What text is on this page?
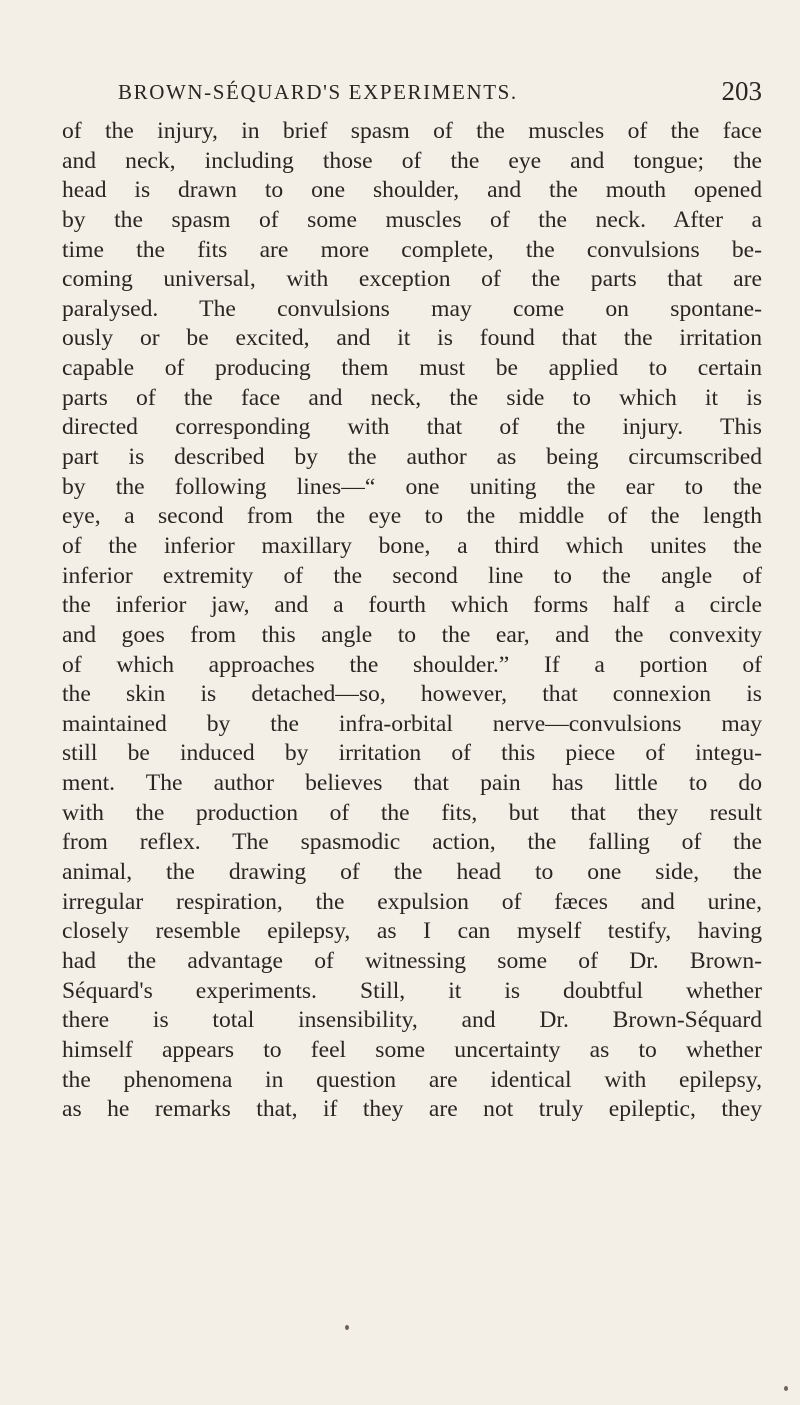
BROWN-SÉQUARD'S EXPERIMENTS.	203
of the injury, in brief spasm of the muscles of the face
and neck, including those of the eye and tongue; the
head is drawn to one shoulder, and the mouth opened
by the spasm of some muscles of the neck. After a
time the fits are more complete, the convulsions be-
coming universal, with exception of the parts that are
paralysed. The convulsions may come on spontane-
ously or be excited, and it is found that the irritation
capable of producing them must be applied to certain
parts of the face and neck, the side to which it is
directed corresponding with that of the injury. This
part is described by the author as being circumscribed
by the following lines—“ one uniting the ear to the
eye, a second from the eye to the middle of the length
of the inferior maxillary bone, a third which unites the
inferior extremity of the second line to the angle of
the inferior jaw, and a fourth which forms half a circle
and goes from this angle to the ear, and the convexity
of which approaches the shoulder.” If a portion of
the skin is detached—so, however, that connexion is
maintained by the infra-orbital nerve—convulsions may
still be induced by irritation of this piece of integu-
ment. The author believes that pain has little to do
with the production of the fits, but that they result
from reflex. The spasmodic action, the falling of the
animal, the drawing of the head to one side, the
irregular respiration, the expulsion of fæces and urine,
closely resemble epilepsy, as I can myself testify, having
had the advantage of witnessing some of Dr. Brown-
Séquard's experiments. Still, it is doubtful whether
there is total insensibility, and Dr. Brown-Séquard
himself appears to feel some uncertainty as to whether
the phenomena in question are identical with epilepsy,
as he remarks that, if they are not truly epileptic, they
